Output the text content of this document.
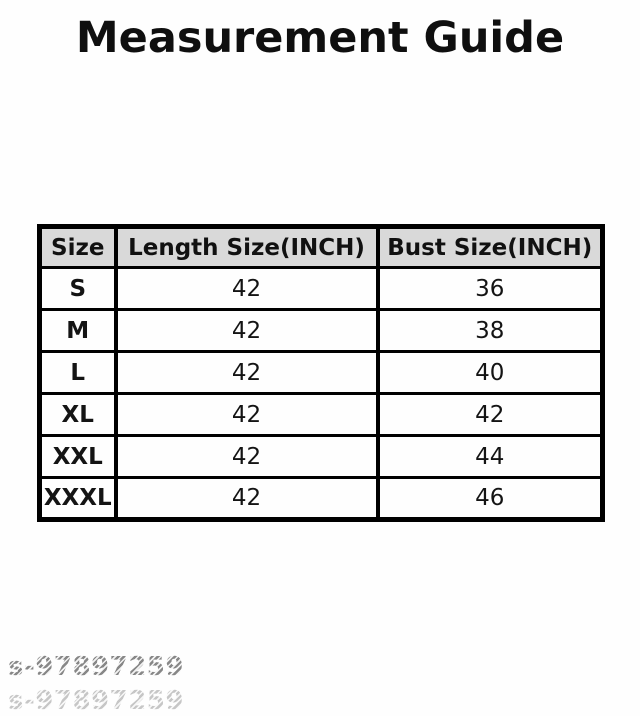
Measurement Guide
Size	Length Size(INCH)	Bust Size(INCH)
S	42	36
M	42	38
L	42	40
XL	42	42
XXL	42	44
XXXL	42	46
s-97897259
s-97897259
